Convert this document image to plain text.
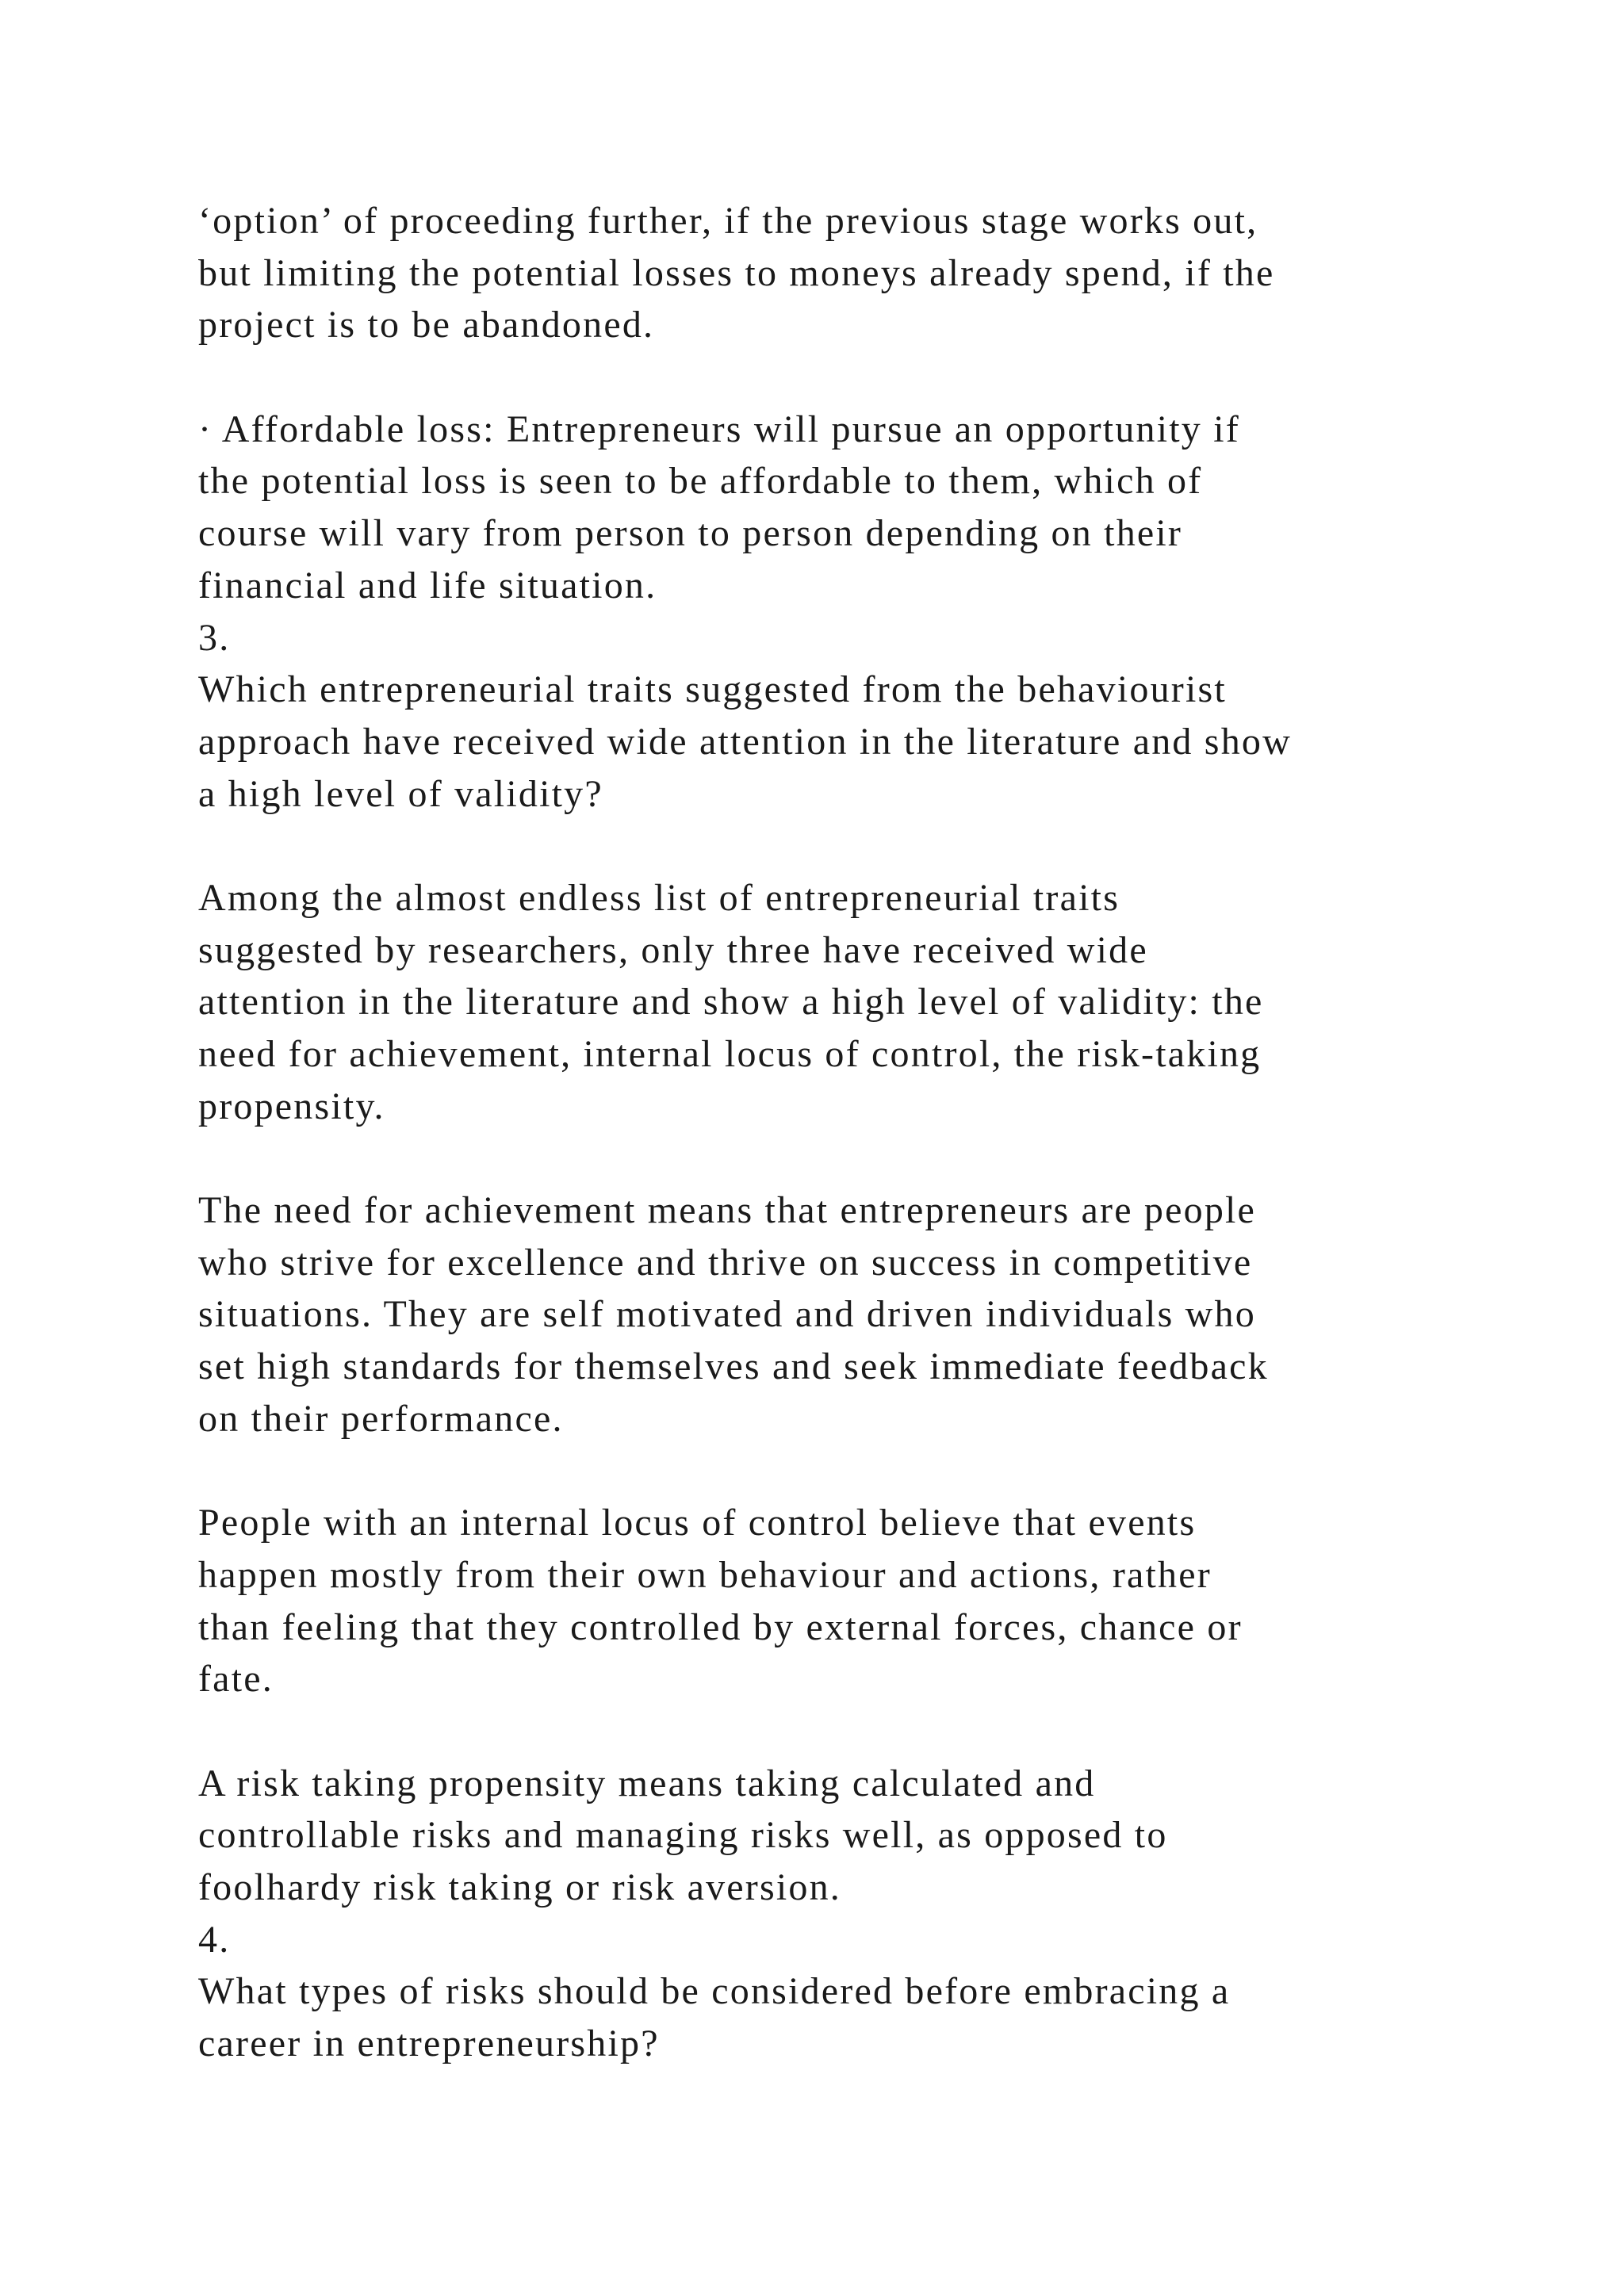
‘option’ of proceeding further, if the previous stage works out,
but limiting the potential losses to moneys already spend, if the
project is to be abandoned.
· Affordable loss: Entrepreneurs will pursue an opportunity if
the potential loss is seen to be affordable to them, which of
course will vary from person to person depending on their
financial and life situation.
3.
Which entrepreneurial traits suggested from the behaviourist
approach have received wide attention in the literature and show
a high level of validity?
Among the almost endless list of entrepreneurial traits
suggested by researchers, only three have received wide
attention in the literature and show a high level of validity: the
need for achievement, internal locus of control, the risk-taking
propensity.
The need for achievement means that entrepreneurs are people
who strive for excellence and thrive on success in competitive
situations. They are self motivated and driven individuals who
set high standards for themselves and seek immediate feedback
on their performance.
People with an internal locus of control believe that events
happen mostly from their own behaviour and actions, rather
than feeling that they controlled by external forces, chance or
fate.
A risk taking propensity means taking calculated and
controllable risks and managing risks well, as opposed to
foolhardy risk taking or risk aversion.
4.
What types of risks should be considered before embracing a
career in entrepreneurship?
